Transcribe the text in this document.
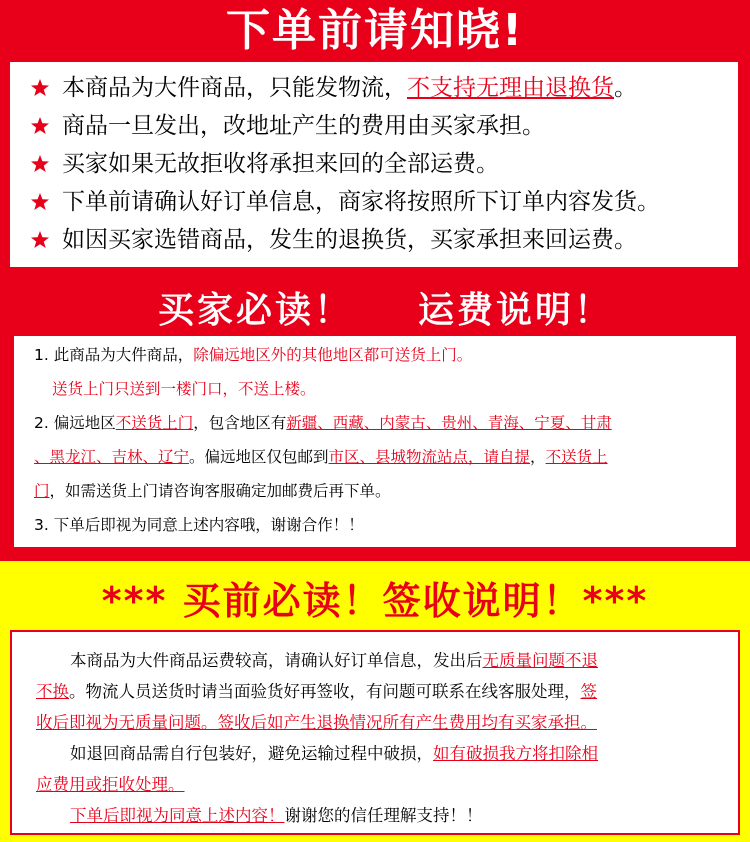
下单前请知晓!
本商品为大件商品，只能发物流，不支持无理由退换货。
商品一旦发出，改地址产生的费用由买家承担。
买家如果无故拒收将承担来回的全部运费。
下单前请确认好订单信息，商家将按照所下订单内容发货。
如因买家选错商品，发生的退换货，买家承担来回运费。
买家必读！ 运费说明！
1. 此商品为大件商品，除偏远地区外的其他地区都可送货上门。
送货上门只送到一楼门口，不送上楼。
2. 偏远地区不送货上门，包含地区有新疆、西藏、内蒙古、贵州、青海、宁夏、甘肃
、黑龙江、吉林、辽宁。偏远地区仅包邮到市区、县城物流站点，请自提，不送货上
门，如需送货上门请咨询客服确定加邮费后再下单。
3. 下单后即视为同意上述内容哦，谢谢合作！！
*** 买前必读！签收说明！***
本商品为大件商品运费较高，请确认好订单信息，发出后无质量问题不退
不换。物流人员送货时请当面验货好再签收，有问题可联系在线客服处理，签
收后即视为无质量问题。签收后如产生退换情况所有产生费用均有买家承担。
如退回商品需自行包装好，避免运输过程中破损，如有破损我方将扣除相
应费用或拒收处理。
下单后即视为同意上述内容！谢谢您的信任理解支持！！
